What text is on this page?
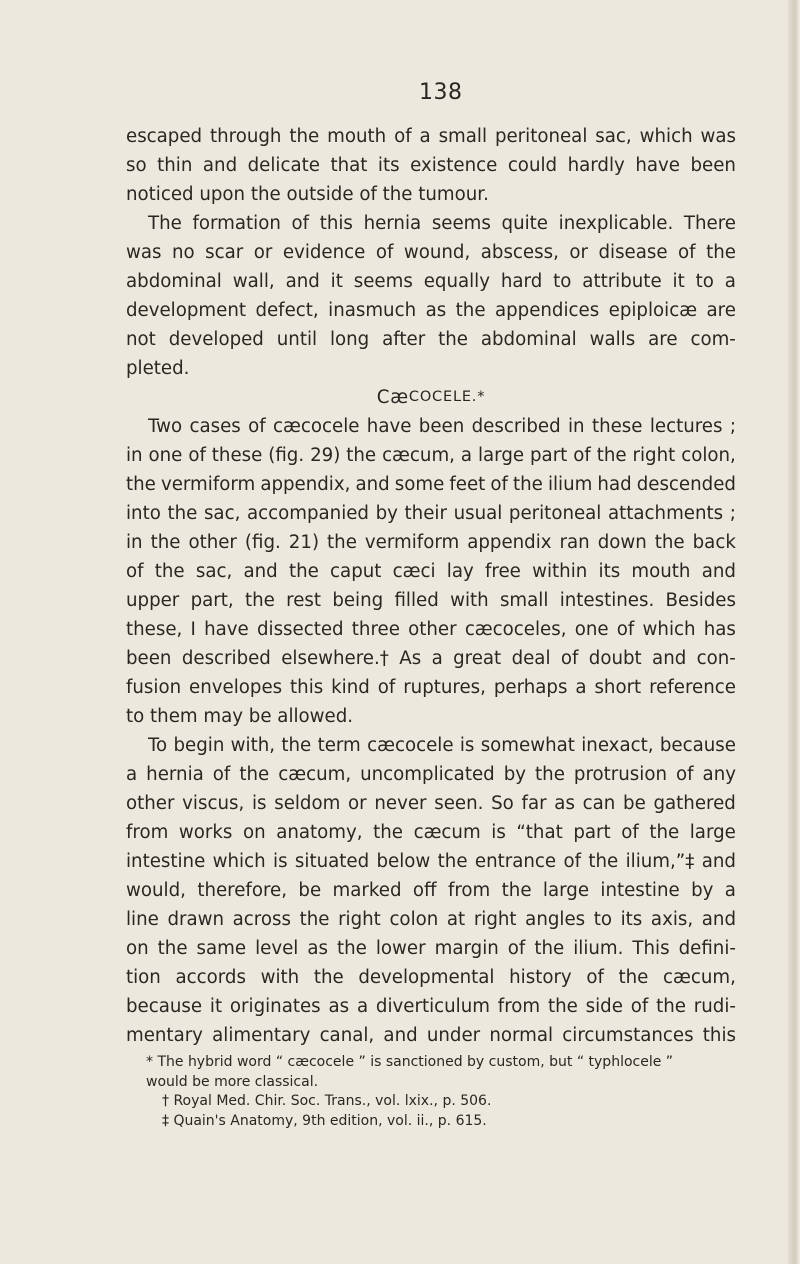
138
escaped through the mouth of a small peritoneal sac, which was
so thin and delicate that its existence could hardly have been
noticed upon the outside of the tumour.
The formation of this hernia seems quite inexplicable. There
was no scar or evidence of wound, abscess, or disease of the
abdominal wall, and it seems equally hard to attribute it to a
development defect, inasmuch as the appendices epiploicæ are
not developed until long after the abdominal walls are com-
pleted.
Cæ COCELE.*
Two cases of cæcocele have been described in these lectures ;
in one of these (fig. 29) the cæcum, a large part of the right colon,
the vermiform appendix, and some feet of the ilium had descended
into the sac, accompanied by their usual peritoneal attachments ;
in the other (fig. 21) the vermiform appendix ran down the back
of the sac, and the caput cæci lay free within its mouth and
upper part, the rest being filled with small intestines. Besides
these, I have dissected three other cæcoceles, one of which has
been described elsewhere.† As a great deal of doubt and con-
fusion envelopes this kind of ruptures, perhaps a short reference
to them may be allowed.
To begin with, the term cæcocele is somewhat inexact, because
a hernia of the cæcum, uncomplicated by the protrusion of any
other viscus, is seldom or never seen. So far as can be gathered
from works on anatomy, the cæcum is “that part of the large
intestine which is situated below the entrance of the ilium,”‡ and
would, therefore, be marked off from the large intestine by a
line drawn across the right colon at right angles to its axis, and
on the same level as the lower margin of the ilium. This defini-
tion accords with the developmental history of the cæcum,
because it originates as a diverticulum from the side of the rudi-
mentary alimentary canal, and under normal circumstances this
* The hybrid word “ cæcocele ” is sanctioned by custom, but “ typhlocele ”
would be more classical.
† Royal Med. Chir. Soc. Trans., vol. lxix., p. 506.
‡ Quain's Anatomy, 9th edition, vol. ii., p. 615.
